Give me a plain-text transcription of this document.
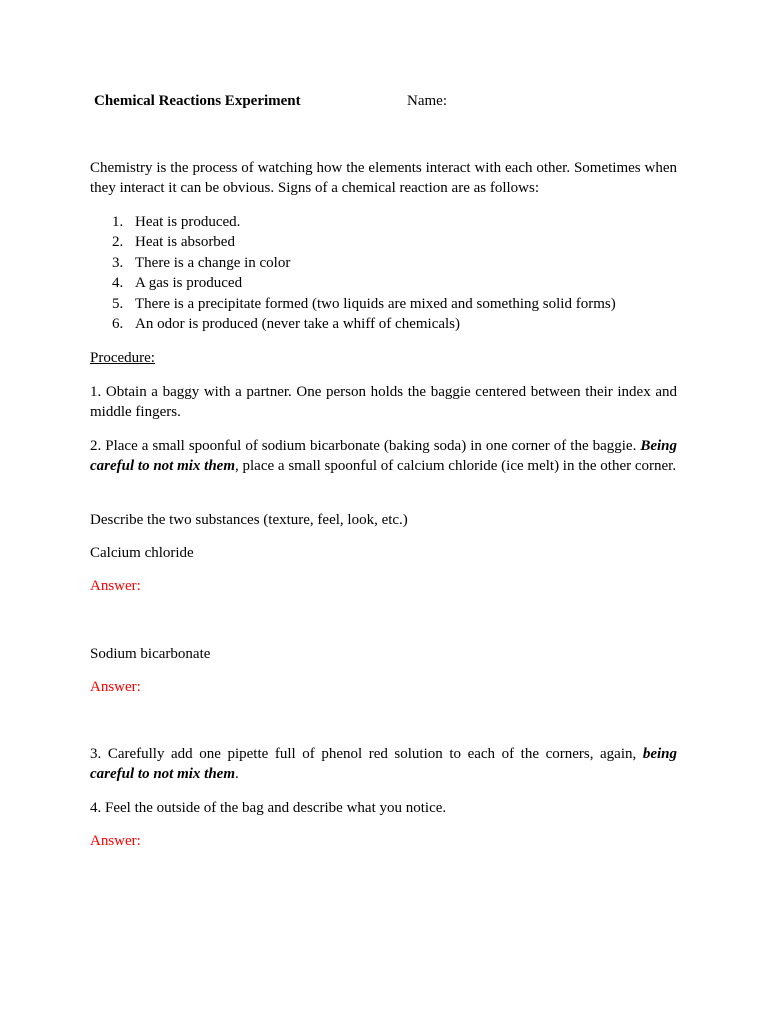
Chemical Reactions Experiment	Name:
Chemistry is the process of watching how the elements interact with each other. Sometimes when they interact it can be obvious. Signs of a chemical reaction are as follows:
1. Heat is produced.
2. Heat is absorbed
3. There is a change in color
4. A gas is produced
5. There is a precipitate formed (two liquids are mixed and something solid forms)
6. An odor is produced (never take a whiff of chemicals)
Procedure:
1. Obtain a baggy with a partner. One person holds the baggie centered between their index and middle fingers.
2. Place a small spoonful of sodium bicarbonate (baking soda) in one corner of the baggie. Being careful to not mix them, place a small spoonful of calcium chloride (ice melt) in the other corner.
Describe the two substances (texture, feel, look, etc.)
Calcium chloride
Answer:
Sodium bicarbonate
Answer:
3. Carefully add one pipette full of phenol red solution to each of the corners, again, being careful to not mix them.
4. Feel the outside of the bag and describe what you notice.
Answer:
